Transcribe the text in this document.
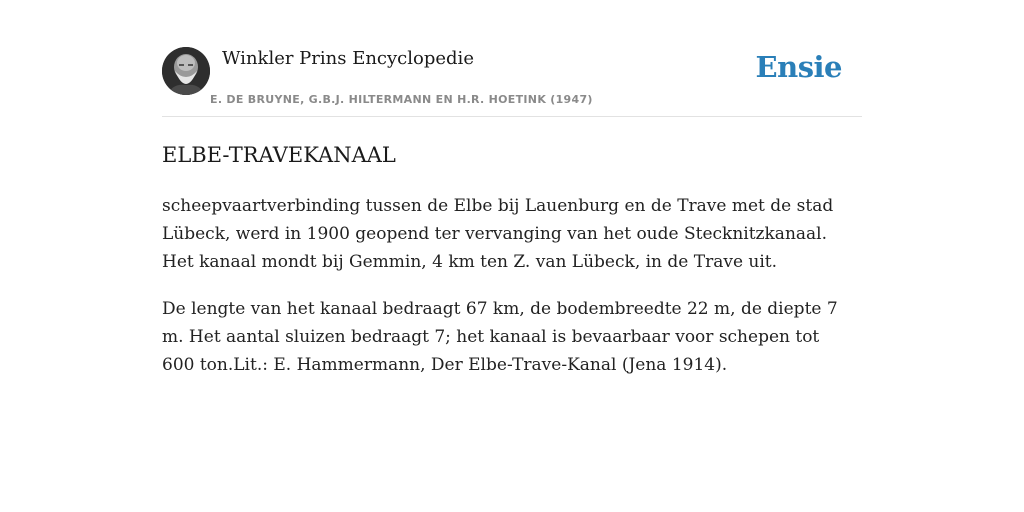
Winkler Prins Encyclopedie
E. DE BRUYNE, G.B.J. HILTERMANN EN H.R. HOETINK (1947)
Ensie
ELBE-TRAVEKANAAL

scheepvaartverbinding tussen de Elbe bij Lauenburg en de Trave met de stad Lübeck, werd in 1900 geopend ter vervanging van het oude Stecknitzkanaal. Het kanaal mondt bij Gemmin, 4 km ten Z. van Lübeck, in de Trave uit.

De lengte van het kanaal bedraagt 67 km, de bodembreedte 22 m, de diepte 7 m. Het aantal sluizen bedraagt 7; het kanaal is bevaarbaar voor schepen tot 600 ton.Lit.: E. Hammermann, Der Elbe-Trave-Kanal (Jena 1914).
